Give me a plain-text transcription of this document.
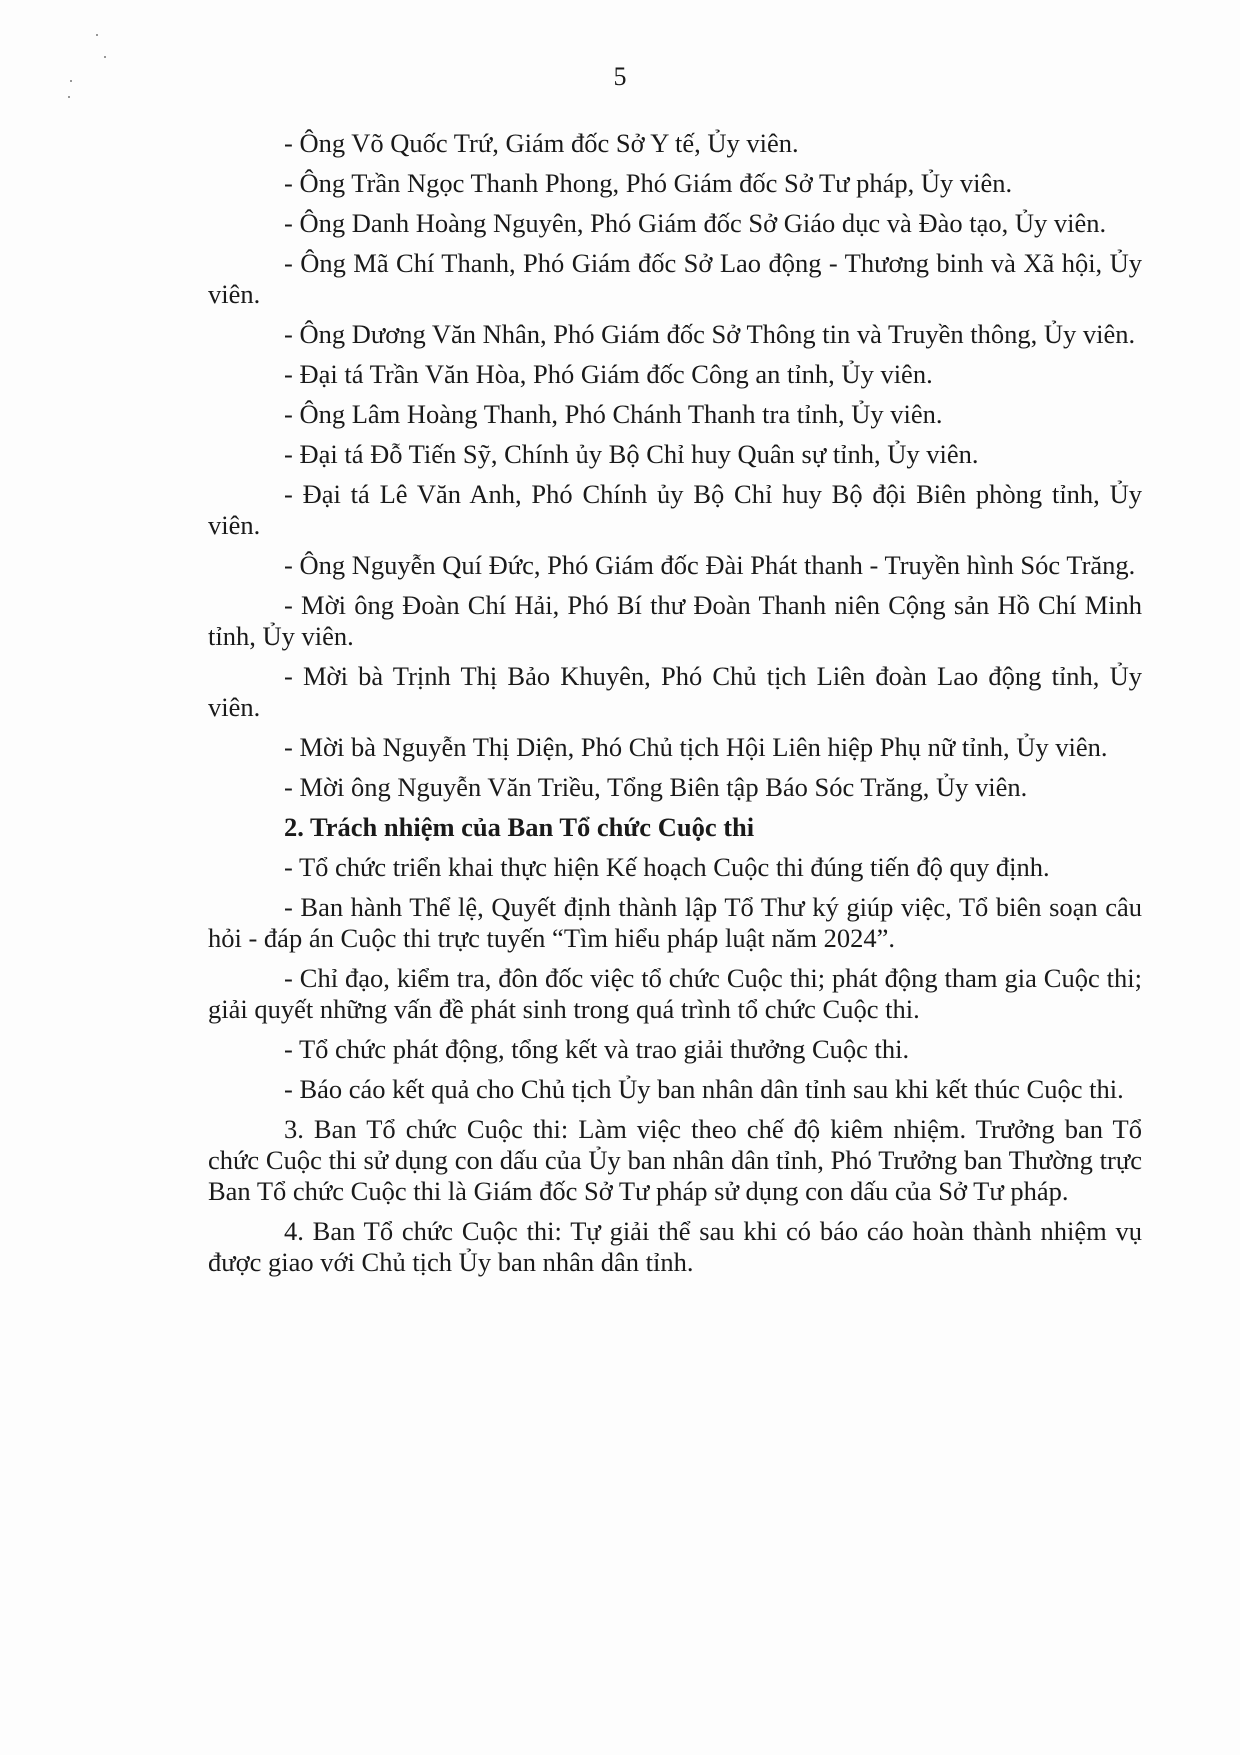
5

- Ông Võ Quốc Trứ, Giám đốc Sở Y tế, Ủy viên.

- Ông Trần Ngọc Thanh Phong, Phó Giám đốc Sở Tư pháp, Ủy viên.

- Ông Danh Hoàng Nguyên, Phó Giám đốc Sở Giáo dục và Đào tạo, Ủy viên.

- Ông Mã Chí Thanh, Phó Giám đốc Sở Lao động - Thương binh và Xã hội, Ủy viên.

- Ông Dương Văn Nhân, Phó Giám đốc Sở Thông tin và Truyền thông, Ủy viên.

- Đại tá Trần Văn Hòa, Phó Giám đốc Công an tỉnh, Ủy viên.

- Ông Lâm Hoàng Thanh, Phó Chánh Thanh tra tỉnh, Ủy viên.

- Đại tá Đỗ Tiến Sỹ, Chính ủy Bộ Chỉ huy Quân sự tỉnh, Ủy viên.

- Đại tá Lê Văn Anh, Phó Chính ủy Bộ Chỉ huy Bộ đội Biên phòng tỉnh, Ủy viên.

- Ông Nguyễn Quí Đức, Phó Giám đốc Đài Phát thanh - Truyền hình Sóc Trăng.

- Mời ông Đoàn Chí Hải, Phó Bí thư Đoàn Thanh niên Cộng sản Hồ Chí Minh tỉnh, Ủy viên.

- Mời bà Trịnh Thị Bảo Khuyên, Phó Chủ tịch Liên đoàn Lao động tỉnh, Ủy viên.

- Mời bà Nguyễn Thị Diện, Phó Chủ tịch Hội Liên hiệp Phụ nữ tỉnh, Ủy viên.

- Mời ông Nguyễn Văn Triều, Tổng Biên tập Báo Sóc Trăng, Ủy viên.

2. Trách nhiệm của Ban Tổ chức Cuộc thi

- Tổ chức triển khai thực hiện Kế hoạch Cuộc thi đúng tiến độ quy định.

- Ban hành Thể lệ, Quyết định thành lập Tổ Thư ký giúp việc, Tổ biên soạn câu hỏi - đáp án Cuộc thi trực tuyến “Tìm hiểu pháp luật năm 2024”.

- Chỉ đạo, kiểm tra, đôn đốc việc tổ chức Cuộc thi; phát động tham gia Cuộc thi; giải quyết những vấn đề phát sinh trong quá trình tổ chức Cuộc thi.

- Tổ chức phát động, tổng kết và trao giải thưởng Cuộc thi.

- Báo cáo kết quả cho Chủ tịch Ủy ban nhân dân tỉnh sau khi kết thúc Cuộc thi.

3. Ban Tổ chức Cuộc thi: Làm việc theo chế độ kiêm nhiệm. Trưởng ban Tổ chức Cuộc thi sử dụng con dấu của Ủy ban nhân dân tỉnh, Phó Trưởng ban Thường trực Ban Tổ chức Cuộc thi là Giám đốc Sở Tư pháp sử dụng con dấu của Sở Tư pháp.

4. Ban Tổ chức Cuộc thi: Tự giải thể sau khi có báo cáo hoàn thành nhiệm vụ được giao với Chủ tịch Ủy ban nhân dân tỉnh.
